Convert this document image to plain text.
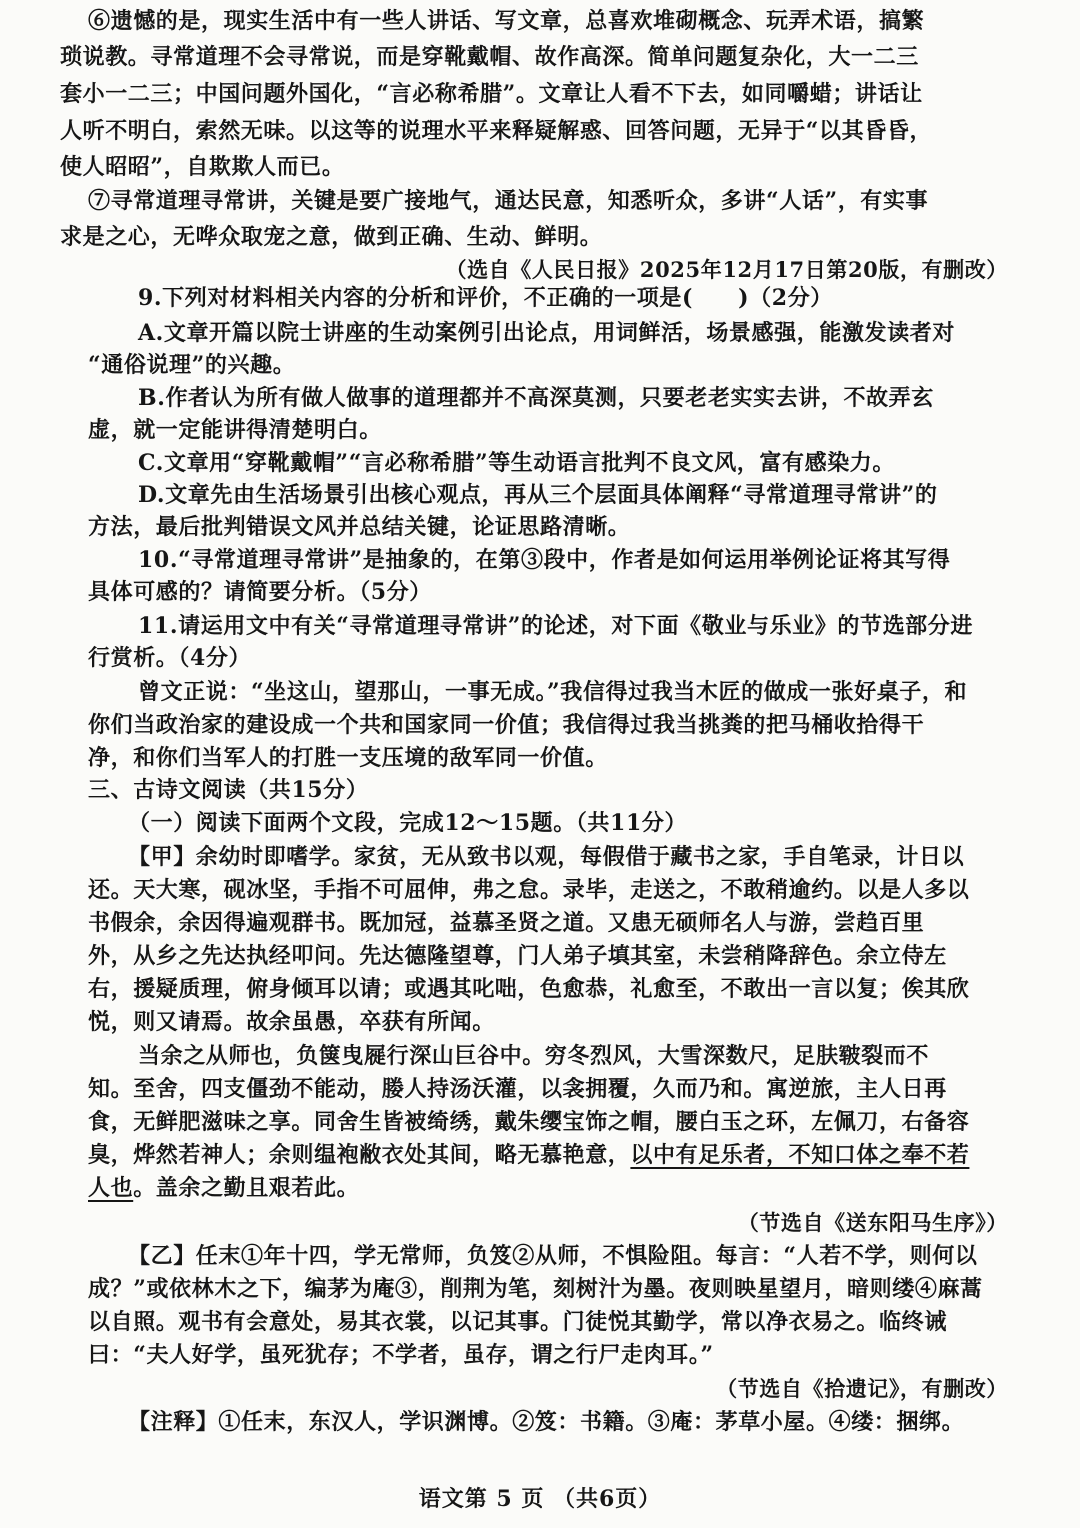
⑥遗憾的是，现实生活中有一些人讲话、写文章，总喜欢堆砌概念、玩弄术语，搞繁
琐说教。寻常道理不会寻常说，而是穿靴戴帽、故作高深。简单问题复杂化，大一二三
套小一二三；中国问题外国化，“言必称希腊”。文章让人看不下去，如同嚼蜡；讲话让
人听不明白，索然无味。以这等的说理水平来释疑解惑、回答问题，无异于“以其昏昏，
使人昭昭”，自欺欺人而已。
⑦寻常道理寻常讲，关键是要广接地气，通达民意，知悉听众，多讲“人话”，有实事
求是之心，无哗众取宠之意，做到正确、生动、鲜明。
（选自《人民日报》2025年12月17日第20版，有删改）
9.下列对材料相关内容的分析和评价，不正确的一项是(　　)（2分）
A.文章开篇以院士讲座的生动案例引出论点，用词鲜活，场景感强，能激发读者对
“通俗说理”的兴趣。
B.作者认为所有做人做事的道理都并不高深莫测，只要老老实实去讲，不故弄玄
虚，就一定能讲得清楚明白。
C.文章用“穿靴戴帽”“言必称希腊”等生动语言批判不良文风，富有感染力。
D.文章先由生活场景引出核心观点，再从三个层面具体阐释“寻常道理寻常讲”的
方法，最后批判错误文风并总结关键，论证思路清晰。
10.“寻常道理寻常讲”是抽象的，在第③段中，作者是如何运用举例论证将其写得
具体可感的？请简要分析。（5分）
11.请运用文中有关“寻常道理寻常讲”的论述，对下面《敬业与乐业》的节选部分进
行赏析。（4分）
曾文正说：“坐这山，望那山，一事无成。”我信得过我当木匠的做成一张好桌子，和
你们当政治家的建设成一个共和国家同一价值；我信得过我当挑粪的把马桶收拾得干
净，和你们当军人的打胜一支压境的敌军同一价值。
三、古诗文阅读（共15分）
（一）阅读下面两个文段，完成12～15题。（共11分）
【甲】余幼时即嗜学。家贫，无从致书以观，每假借于藏书之家，手自笔录，计日以
还。天大寒，砚冰坚，手指不可屈伸，弗之怠。录毕，走送之，不敢稍逾约。以是人多以
书假余，余因得遍观群书。既加冠，益慕圣贤之道。又患无硕师名人与游，尝趋百里
外，从乡之先达执经叩问。先达德隆望尊，门人弟子填其室，未尝稍降辞色。余立侍左
右，援疑质理，俯身倾耳以请；或遇其叱咄，色愈恭，礼愈至，不敢出一言以复；俟其欣
悦，则又请焉。故余虽愚，卒获有所闻。
当余之从师也，负箧曳屣行深山巨谷中。穷冬烈风，大雪深数尺，足肤皲裂而不
知。至舍，四支僵劲不能动，媵人持汤沃灌，以衾拥覆，久而乃和。寓逆旅，主人日再
食，无鲜肥滋味之享。同舍生皆被绮绣，戴朱缨宝饰之帽，腰白玉之环，左佩刀，右备容
臭，烨然若神人；余则缊袍敝衣处其间，略无慕艳意，以中有足乐者，不知口体之奉不若
人也。盖余之勤且艰若此。
（节选自《送东阳马生序》）
【乙】任末①年十四，学无常师，负笈②从师，不惧险阻。每言：“人若不学，则何以
成？”或依林木之下，编茅为庵③，削荆为笔，刻树汁为墨。夜则映星望月，暗则缕④麻蒿
以自照。观书有会意处，易其衣裳，以记其事。门徒悦其勤学，常以净衣易之。临终诫
曰：“夫人好学，虽死犹存；不学者，虽存，谓之行尸走肉耳。”
（节选自《拾遗记》，有删改）
【注释】①任末，东汉人，学识渊博。②笈：书籍。③庵：茅草小屋。④缕：捆绑。
语文第 5 页 （共6页）
